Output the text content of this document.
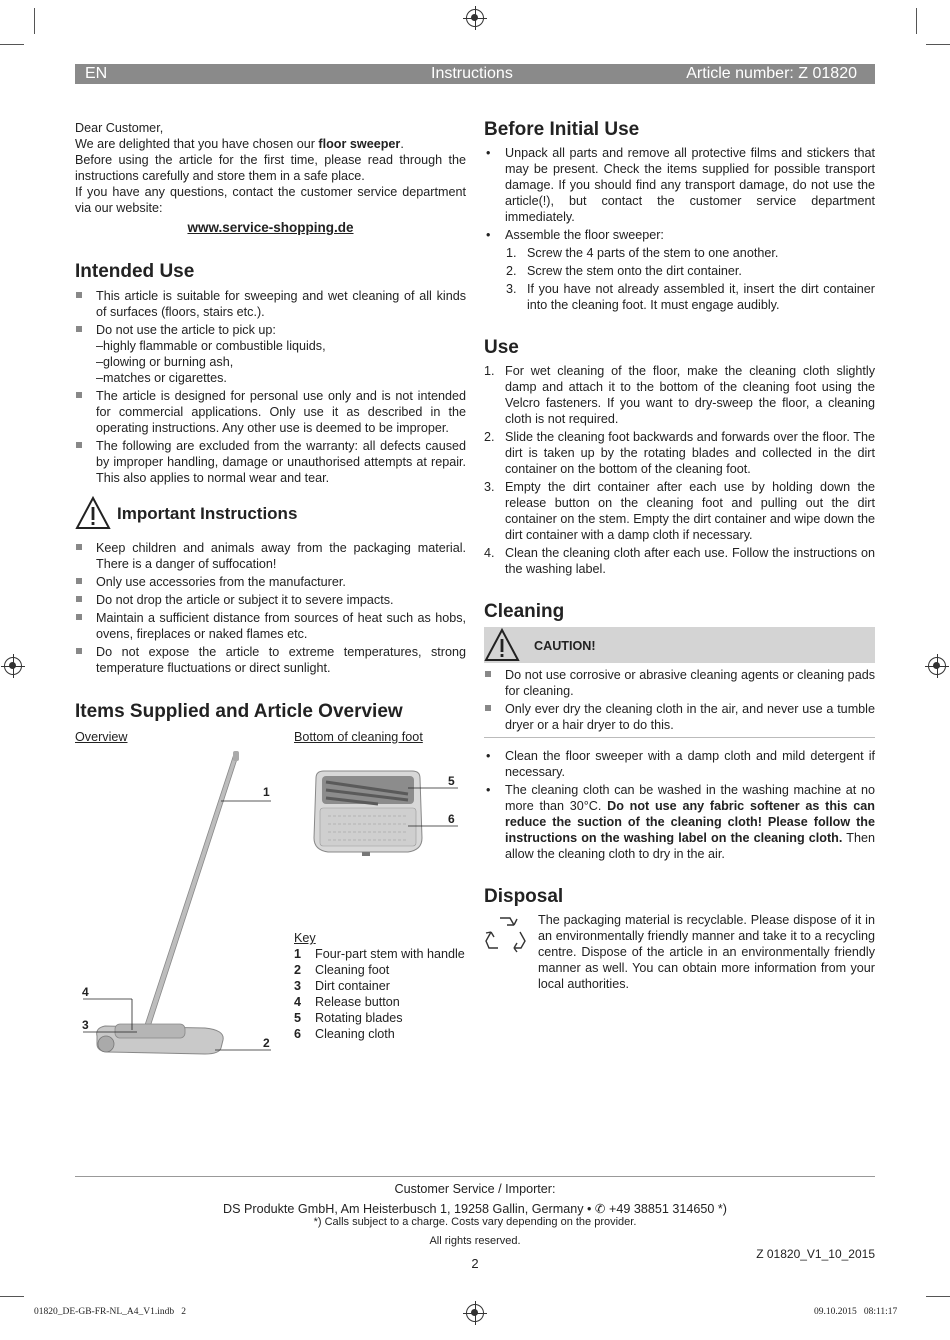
EN	Instructions	Article number: Z 01820

Dear Customer,

We are delighted that you have chosen our floor sweeper.

Before using the article for the first time, please read through the instructions carefully and store them in a safe place.

If you have any questions, contact the customer service department via our website:

www.service-shopping.de

Intended Use
This article is suitable for sweeping and wet cleaning of all kinds of surfaces (floors, stairs etc.).
Do not use the article to pick up:
–highly flammable or combustible liquids,
–glowing or burning ash,
–matches or cigarettes.
The article is designed for personal use only and is not intended for commercial applications. Only use it as described in the operating instructions. Any other use is deemed to be improper.
The following are excluded from the warranty: all defects caused by improper handling, damage or unauthorised attempts at repair. This also applies to normal wear and tear.
Important Instructions
Keep children and animals away from the packaging material. There is a danger of suffocation!
Only use accessories from the manufacturer.
Do not drop the article or subject it to severe impacts.
Maintain a sufficient distance from sources of heat such as hobs, ovens, fireplaces or naked flames etc.
Do not expose the article to extreme temperatures, strong temperature fluctuations or direct sunlight.
Items Supplied and Article Overview
Overview	Bottom of cleaning foot
1
4
3
2
5
6
Key
1	Four-part stem with handle
2	Cleaning foot
3	Dirt container
4	Release button
5	Rotating blades
6	Cleaning cloth
Before Initial Use
• Unpack all parts and remove all protective films and stickers that may be present. Check the items supplied for possible transport damage. If you should find any transport damage, do not use the article(!), but contact the customer service department immediately.
• Assemble the floor sweeper:
1. Screw the 4 parts of the stem to one another.
2. Screw the stem onto the dirt container.
3. If you have not already assembled it, insert the dirt container into the cleaning foot. It must engage audibly.
Use
1. For wet cleaning of the floor, make the cleaning cloth slightly damp and attach it to the bottom of the cleaning foot using the Velcro fasteners. If you want to dry-sweep the floor, a cleaning cloth is not required.
2. Slide the cleaning foot backwards and forwards over the floor. The dirt is taken up by the rotating blades and collected in the dirt container on the bottom of the cleaning foot.
3. Empty the dirt container after each use by holding down the release button on the cleaning foot and pulling out the dirt container on the stem. Empty the dirt container and wipe down the dirt container with a damp cloth if necessary.
4. Clean the cleaning cloth after each use. Follow the instructions on the washing label.
Cleaning
CAUTION!
Do not use corrosive or abrasive cleaning agents or cleaning pads for cleaning.
Only ever dry the cleaning cloth in the air, and never use a tumble dryer or a hair dryer to do this.
• Clean the floor sweeper with a damp cloth and mild detergent if necessary.
• The cleaning cloth can be washed in the washing machine at no more than 30°C. Do not use any fabric softener as this can reduce the suction of the cleaning cloth! Please follow the instructions on the washing label on the cleaning cloth. Then allow the cleaning cloth to dry in the air.
Disposal

The packaging material is recyclable. Please dispose of it in an environmentally friendly manner and take it to a recycling centre. Dispose of the article in an environmentally friendly manner as well. You can obtain more information from your local authorities.

Customer Service / Importer:
DS Produkte GmbH, Am Heisterbusch 1, 19258 Gallin, Germany • ✆ +49 38851 314650 *)
*) Calls subject to a charge. Costs vary depending on the provider.
All rights reserved.
Z 01820_V1_10_2015
2
01820_DE-GB-FR-NL_A4_V1.indb   2	09.10.2015   08:11:17
